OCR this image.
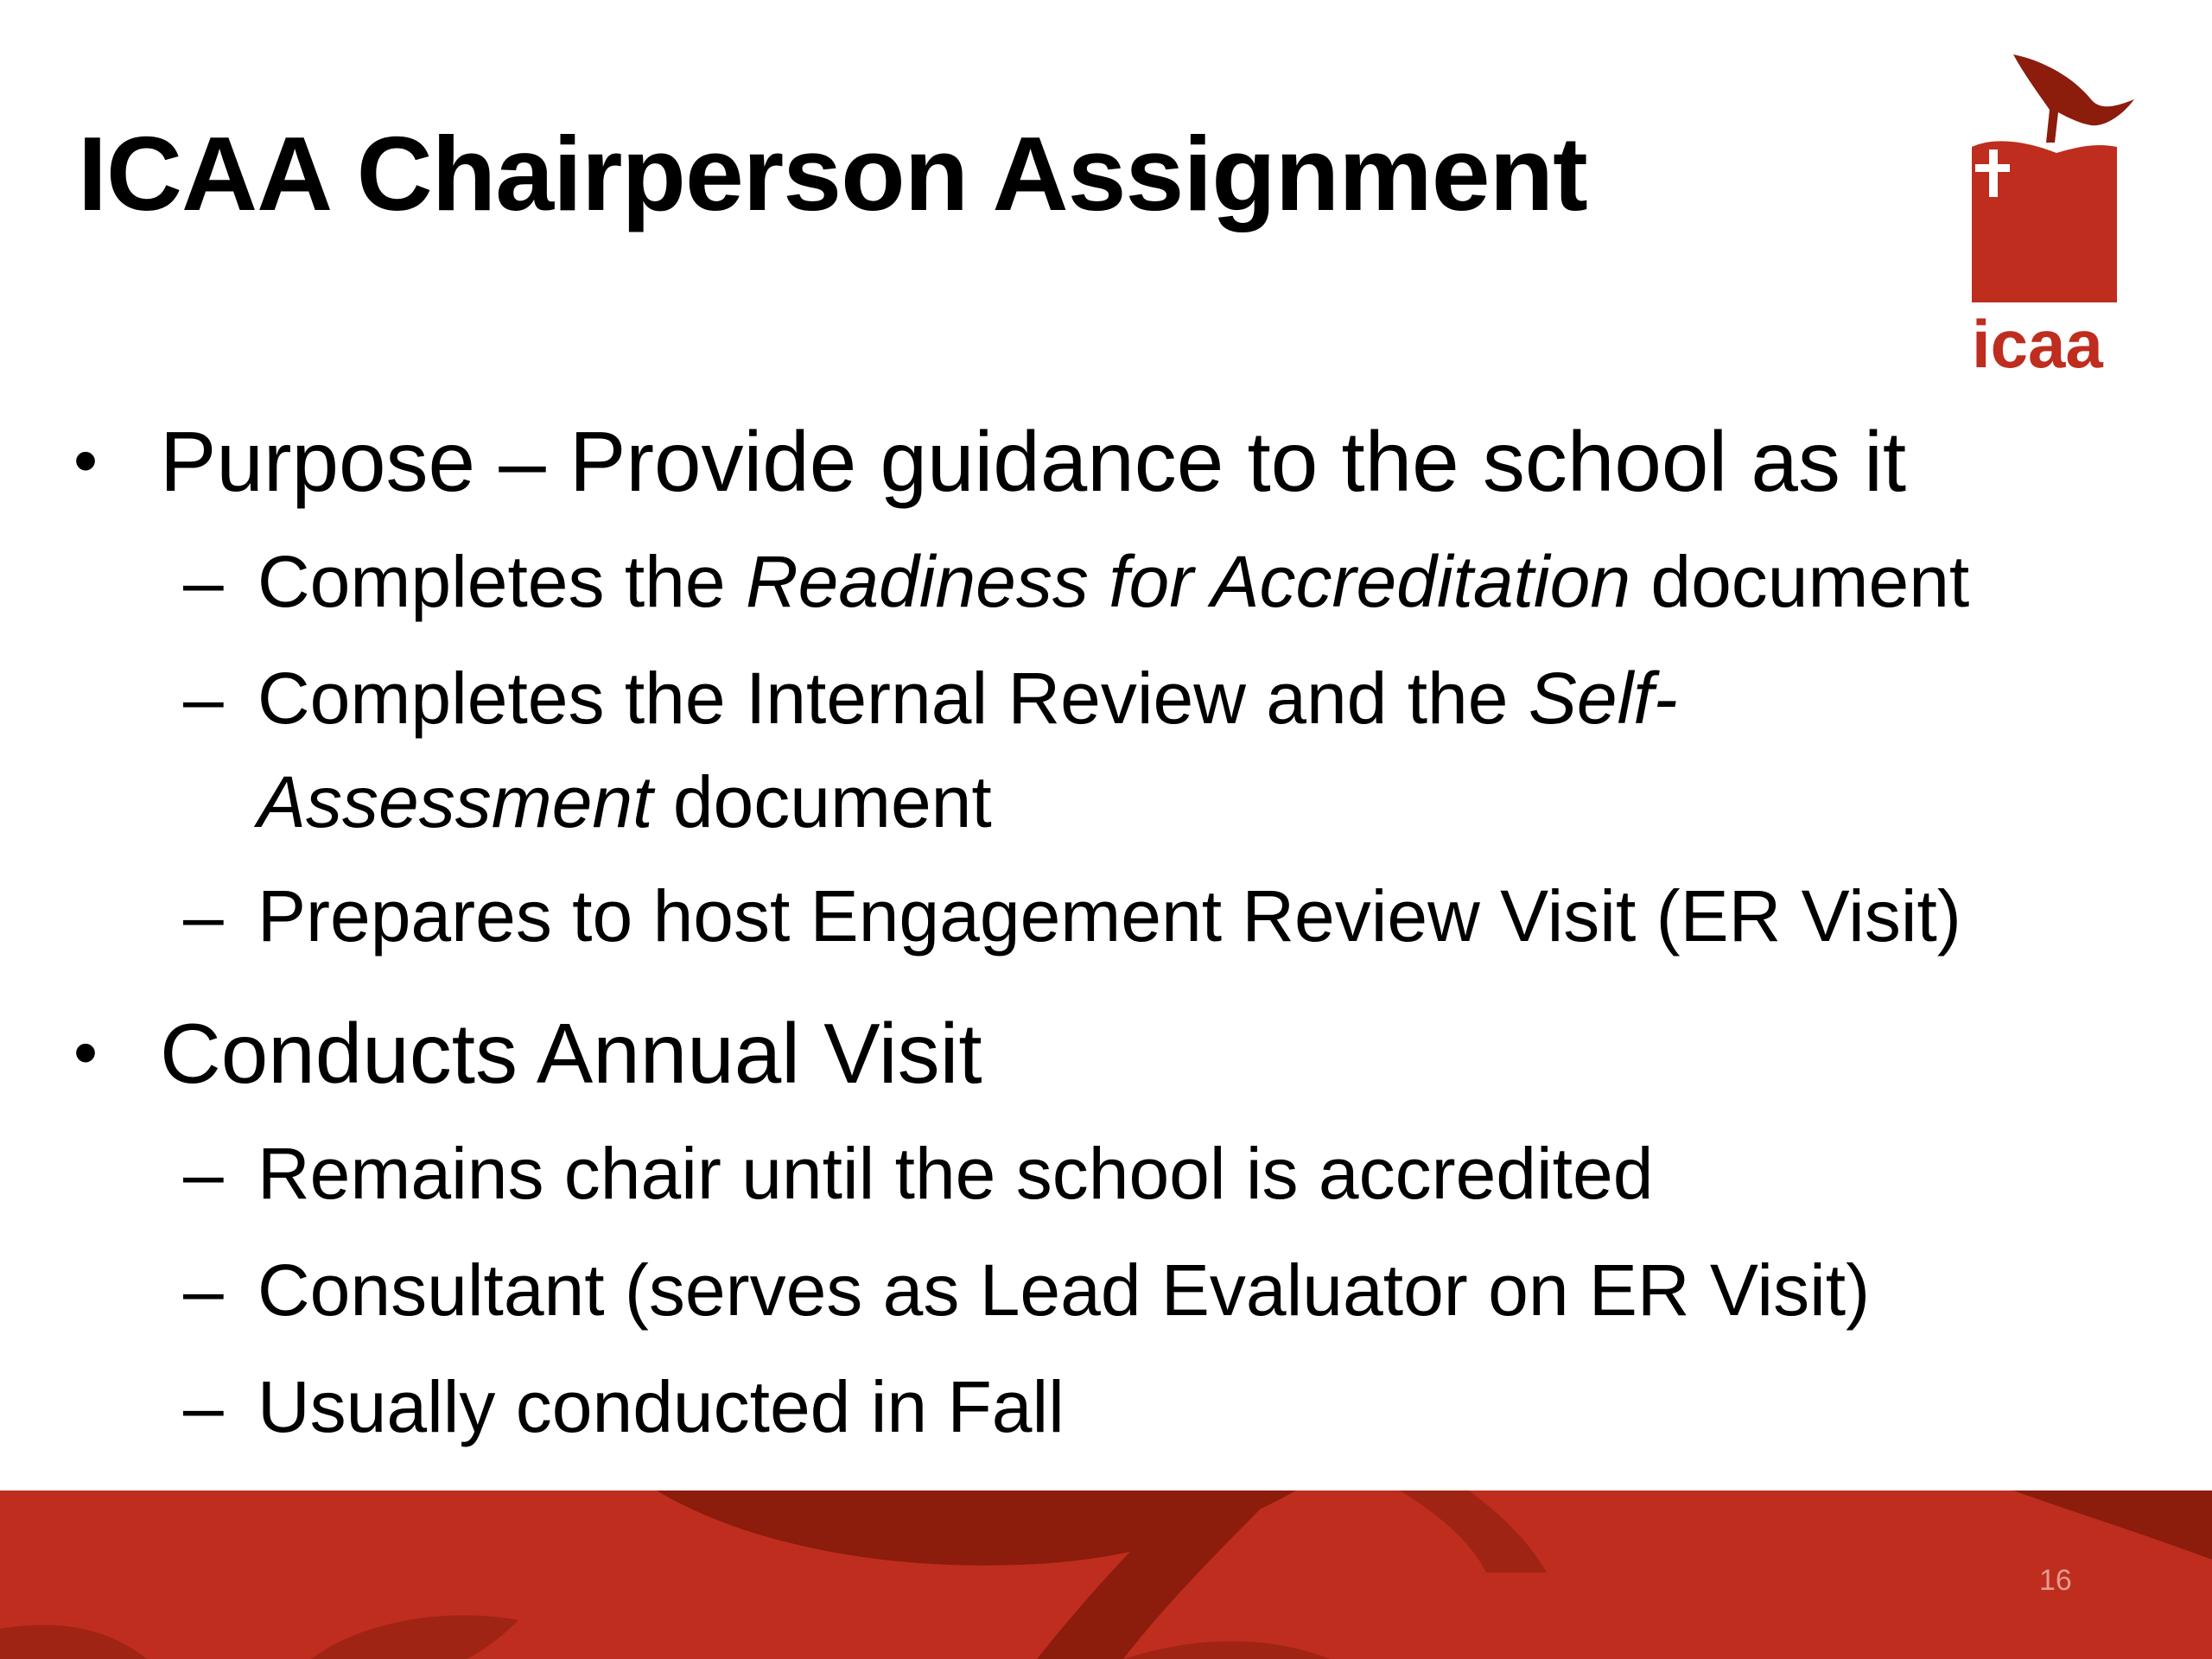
ICAA Chairperson Assignment
icaa
• Purpose – Provide guidance to the school as it
– Completes the Readiness for Accreditation document
– Completes the Internal Review and the Self-
Assessment document
– Prepares to host Engagement Review Visit (ER Visit)
• Conducts Annual Visit
– Remains chair until the school is accredited
– Consultant (serves as Lead Evaluator on ER Visit)
– Usually conducted in Fall
16
